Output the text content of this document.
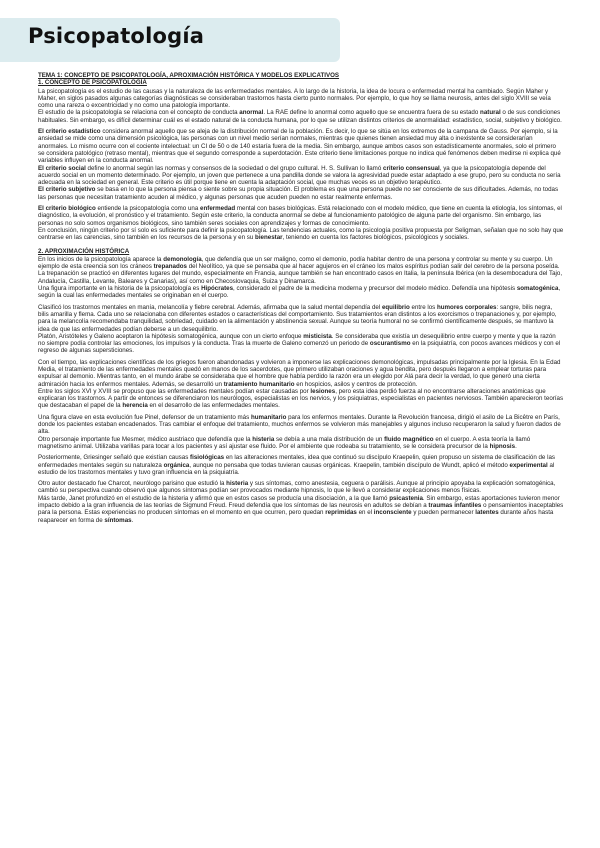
Psicopatología

TEMA 1: CONCEPTO DE PSICOPATOLOGÍA, APROXIMACIÓN HISTÓRICA Y MODELOS EXPLICATIVOS

1. CONCEPTO DE PSICOPATOLOGÍA

La psicopatología es el estudio de las causas y la naturaleza de las enfermedades mentales. A lo largo de la historia, la idea de locura o enfermedad mental ha cambiado. Según Maher y Maher, en siglos pasados algunas categorías diagnósticas se consideraban trastornos hasta cierto punto normales. Por ejemplo, lo que hoy se llama neurosis, antes del siglo XVIII se veía como una rareza o excentricidad y no como una patología importante.

El estudio de la psicopatología se relaciona con el concepto de conducta anormal. La RAE define lo anormal como aquello que se encuentra fuera de su estado natural o de sus condiciones habituales. Sin embargo, es difícil determinar cuál es el estado natural de la conducta humana, por lo que se utilizan distintos criterios de anormalidad: estadístico, social, subjetivo y biológico.

El criterio estadístico considera anormal aquello que se aleja de la distribución normal de la población. Es decir, lo que se sitúa en los extremos de la campana de Gauss. Por ejemplo, si la ansiedad se mide como una dimensión psicológica, las personas con un nivel medio serían normales, mientras que quienes tienen ansiedad muy alta o inexistente se considerarían anormales. Lo mismo ocurre con el cociente intelectual: un CI de 50 o de 140 estaría fuera de la media. Sin embargo, aunque ambos casos son estadísticamente anormales, solo el primero se considera patológico (retraso mental), mientras que el segundo corresponde a superdotación. Este criterio tiene limitaciones porque no indica qué fenómenos deben medirse ni explica qué variables influyen en la conducta anormal.

El criterio social define lo anormal según las normas y consensos de la sociedad o del grupo cultural. H. S. Sullivan lo llamó criterio consensual, ya que la psicopatología depende del acuerdo social en un momento determinado. Por ejemplo, un joven que pertenece a una pandilla donde se valora la agresividad puede estar adaptado a ese grupo, pero su conducta no sería adecuada en la sociedad en general. Este criterio es útil porque tiene en cuenta la adaptación social, que muchas veces es un objetivo terapéutico.

El criterio subjetivo se basa en lo que la persona piensa o siente sobre su propia situación. El problema es que una persona puede no ser consciente de sus dificultades. Además, no todas las personas que necesitan tratamiento acuden al médico, y algunas personas que acuden pueden no estar realmente enfermas.

El criterio biológico entiende la psicopatología como una enfermedad mental con bases biológicas. Está relacionado con el modelo médico, que tiene en cuenta la etiología, los síntomas, el diagnóstico, la evolución, el pronóstico y el tratamiento. Según este criterio, la conducta anormal se debe al funcionamiento patológico de alguna parte del organismo. Sin embargo, las personas no solo somos organismos biológicos, sino también seres sociales con aprendizajes y formas de conocimiento.

En conclusión, ningún criterio por sí solo es suficiente para definir la psicopatología. Las tendencias actuales, como la psicología positiva propuesta por Seligman, señalan que no solo hay que centrarse en las carencias, sino también en los recursos de la persona y en su bienestar, teniendo en cuenta los factores biológicos, psicológicos y sociales.

2. APROXIMACIÓN HISTÓRICA

En los inicios de la psicopatología aparece la demonología, que defendía que un ser maligno, como el demonio, podía habitar dentro de una persona y controlar su mente y su cuerpo. Un ejemplo de esta creencia son los cráneos trepanados del Neolítico, ya que se pensaba que al hacer agujeros en el cráneo los malos espíritus podían salir del cerebro de la persona poseída. La trepanación se practicó en diferentes lugares del mundo, especialmente en Francia, aunque también se han encontrado casos en Italia, la península Ibérica (en la desembocadura del Tajo, Andalucía, Castilla, Levante, Baleares y Canarias), así como en Checoslovaquia, Suiza y Dinamarca.

Una figura importante en la historia de la psicopatología es Hipócrates, considerado el padre de la medicina moderna y precursor del modelo médico. Defendía una hipótesis somatogénica, según la cual las enfermedades mentales se originaban en el cuerpo.

Clasificó los trastornos mentales en manía, melancolía y fiebre cerebral. Además, afirmaba que la salud mental dependía del equilibrio entre los humores corporales: sangre, bilis negra, bilis amarilla y flema. Cada uno se relacionaba con diferentes estados o características del comportamiento. Sus tratamientos eran distintos a los exorcismos o trepanaciones y, por ejemplo, para la melancolía recomendaba tranquilidad, sobriedad, cuidado en la alimentación y abstinencia sexual. Aunque su teoría humoral no se confirmó científicamente después, se mantuvo la idea de que las enfermedades podían deberse a un desequilibrio.

Platón, Aristóteles y Galeno aceptaron la hipótesis somatogénica, aunque con un cierto enfoque misticista. Se consideraba que existía un desequilibrio entre cuerpo y mente y que la razón no siempre podía controlar las emociones, los impulsos y la conducta. Tras la muerte de Galeno comenzó un periodo de oscurantismo en la psiquiatría, con pocos avances médicos y con el regreso de algunas supersticiones.

Con el tiempo, las explicaciones científicas de los griegos fueron abandonadas y volvieron a imponerse las explicaciones demonológicas, impulsadas principalmente por la Iglesia. En la Edad Media, el tratamiento de las enfermedades mentales quedó en manos de los sacerdotes, que primero utilizaban oraciones y agua bendita, pero después llegaron a emplear torturas para expulsar al demonio. Mientras tanto, en el mundo árabe se consideraba que el hombre que había perdido la razón era un elegido por Alá para decir la verdad, lo que generó una cierta admiración hacia los enfermos mentales. Además, se desarrolló un tratamiento humanitario en hospicios, asilos y centros de protección.

Entre los siglos XVI y XVIII se propuso que las enfermedades mentales podían estar causadas por lesiones, pero esta idea perdió fuerza al no encontrarse alteraciones anatómicas que explicaran los trastornos. A partir de entonces se diferenciaron los neurólogos, especialistas en los nervios, y los psiquiatras, especialistas en pacientes nerviosos. También aparecieron teorías que destacaban el papel de la herencia en el desarrollo de las enfermedades mentales.

Una figura clave en esta evolución fue Pinel, defensor de un tratamiento más humanitario para los enfermos mentales. Durante la Revolución francesa, dirigió el asilo de La Bicêtre en París, donde los pacientes estaban encadenados. Tras cambiar el enfoque del tratamiento, muchos enfermos se volvieron más manejables y algunos incluso recuperaron la salud y fueron dados de alta.

Otro personaje importante fue Mesmer, médico austriaco que defendía que la histeria se debía a una mala distribución de un fluido magnético en el cuerpo. A esta teoría la llamó magnetismo animal. Utilizaba varillas para tocar a los pacientes y así ajustar ese fluido. Por el ambiente que rodeaba su tratamiento, se le considera precursor de la hipnosis.

Posteriormente, Griesinger señaló que existían causas fisiológicas en las alteraciones mentales, idea que continuó su discípulo Kraepelin, quien propuso un sistema de clasificación de las enfermedades mentales según su naturaleza orgánica, aunque no pensaba que todas tuvieran causas orgánicas. Kraepelin, también discípulo de Wundt, aplicó el método experimental al estudio de los trastornos mentales y tuvo gran influencia en la psiquiatría.

Otro autor destacado fue Charcot, neurólogo parisino que estudió la histeria y sus síntomas, como anestesia, ceguera o parálisis. Aunque al principio apoyaba la explicación somatogénica, cambió su perspectiva cuando observó que algunos síntomas podían ser provocados mediante hipnosis, lo que le llevó a considerar explicaciones menos físicas.

Más tarde, Janet profundizó en el estudio de la histeria y afirmó que en estos casos se producía una disociación, a la que llamó psicastenia. Sin embargo, estas aportaciones tuvieron menor impacto debido a la gran influencia de las teorías de Sigmund Freud. Freud defendía que los síntomas de las neurosis en adultos se debían a traumas infantiles o pensamientos inaceptables para la persona. Estas experiencias no producen síntomas en el momento en que ocurren, pero quedan reprimidas en el inconsciente y pueden permanecer latentes durante años hasta reaparecer en forma de síntomas.
